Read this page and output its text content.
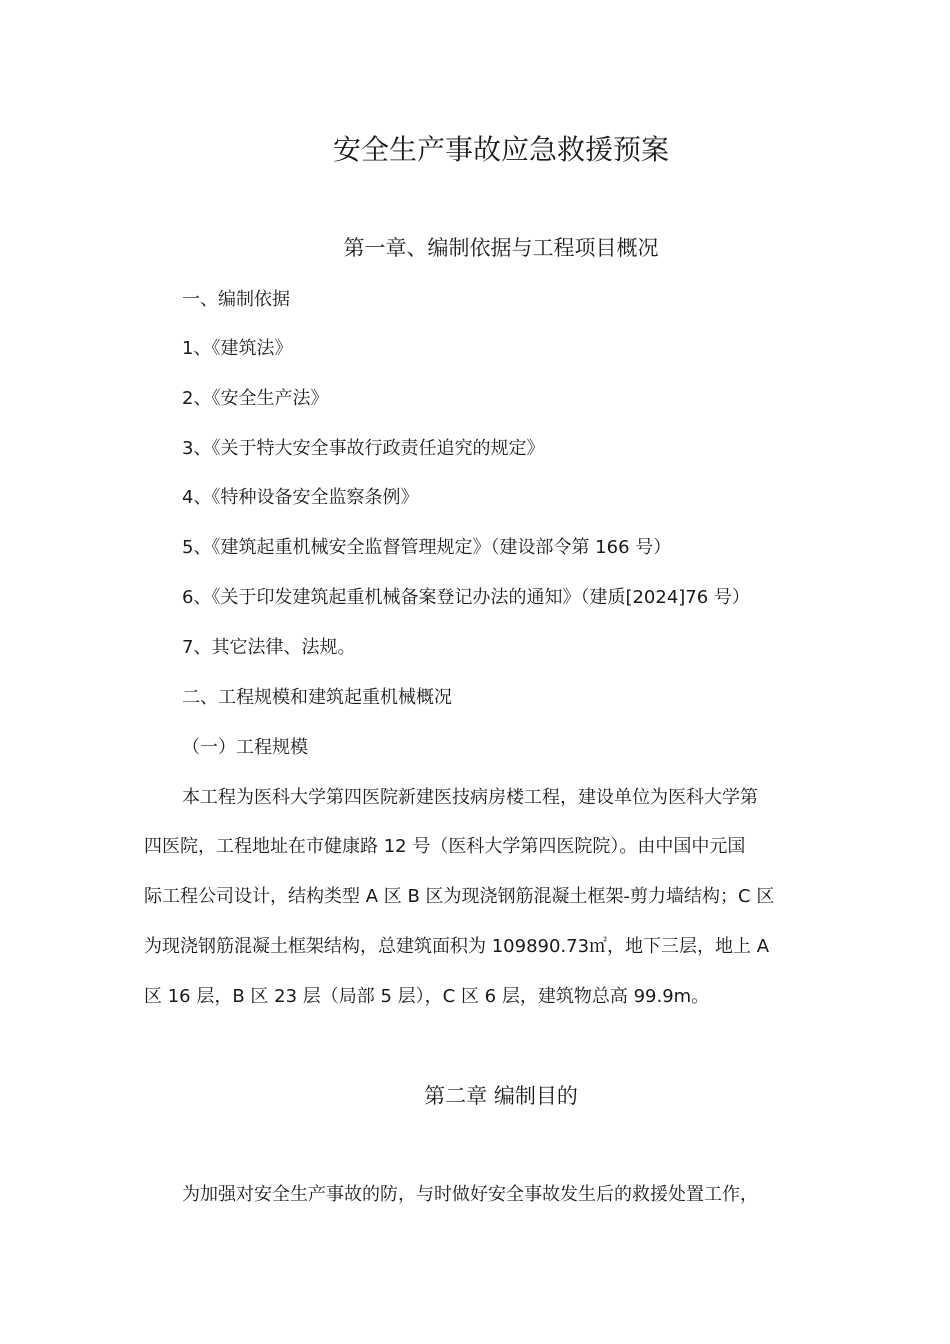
安全生产事故应急救援预案
第一章、编制依据与工程项目概况
一、编制依据
1、《建筑法》
2、《安全生产法》
3、《关于特大安全事故行政责任追究的规定》
4、《特种设备安全监察条例》
5、《建筑起重机械安全监督管理规定》（建设部令第 166 号）
6、《关于印发建筑起重机械备案登记办法的通知》（建质[2024]76 号）
7、其它法律、法规。
二、工程规模和建筑起重机械概况
（一）工程规模
本工程为医科大学第四医院新建医技病房楼工程，建设单位为医科大学第
四医院，工程地址在市健康路 12 号（医科大学第四医院院）。由中国中元国
际工程公司设计，结构类型 A 区 B 区为现浇钢筋混凝土框架-剪力墙结构；C 区
为现浇钢筋混凝土框架结构，总建筑面积为 109890.73㎡，地下三层，地上 A
区 16 层，B 区 23 层（局部 5 层），C 区 6 层，建筑物总高 99.9m。
第二章 编制目的
为加强对安全生产事故的防，与时做好安全事故发生后的救援处置工作，
